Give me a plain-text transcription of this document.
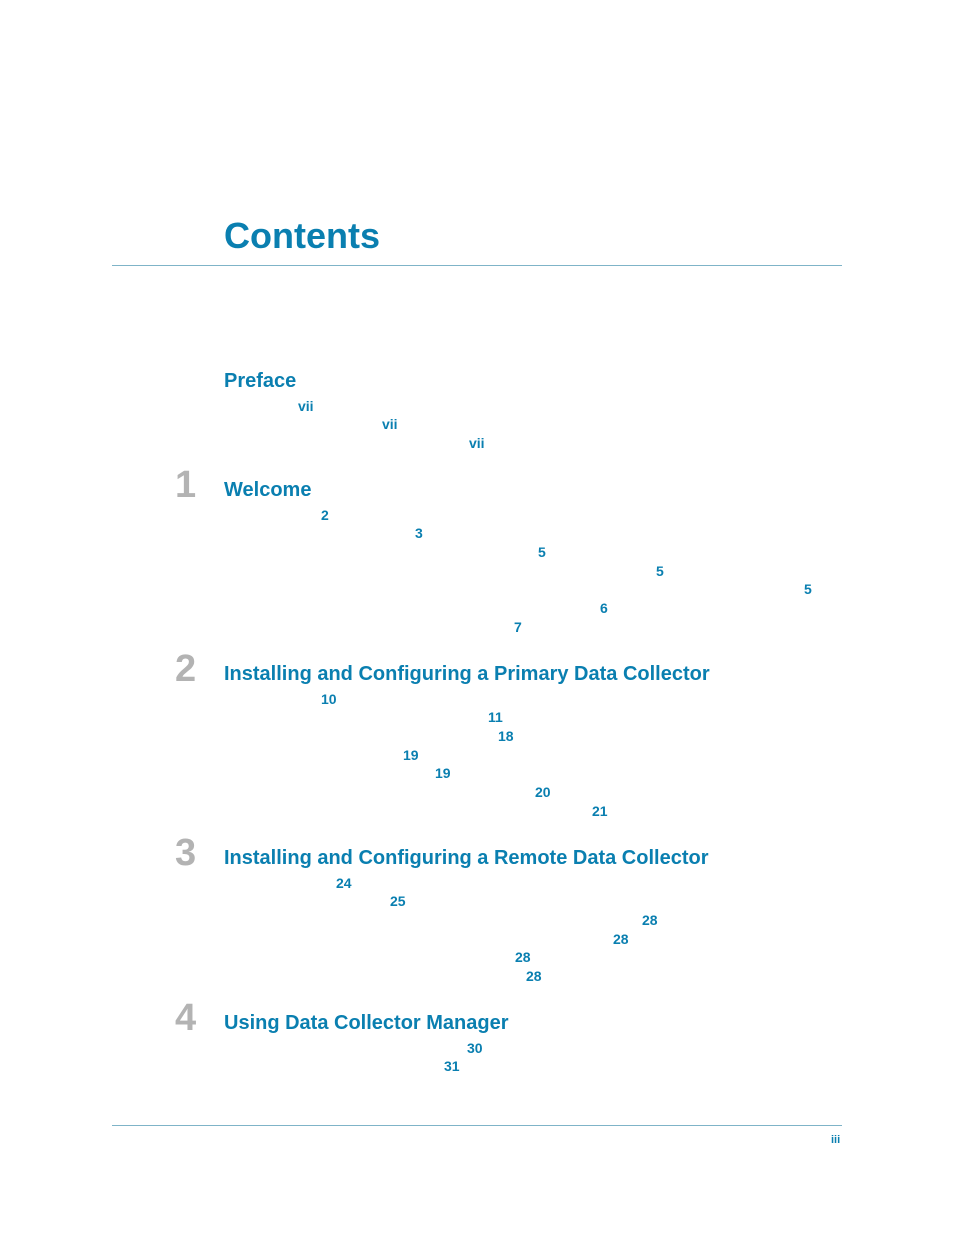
Contents
Preface
vii
vii
vii
1 Welcome
2
3
5
5
5
6
7
2 Installing and Configuring a Primary Data Collector
10
11
18
19
19
20
21
3 Installing and Configuring a Remote Data Collector
24
25
28
28
28
28
4 Using Data Collector Manager
30
31
iii
